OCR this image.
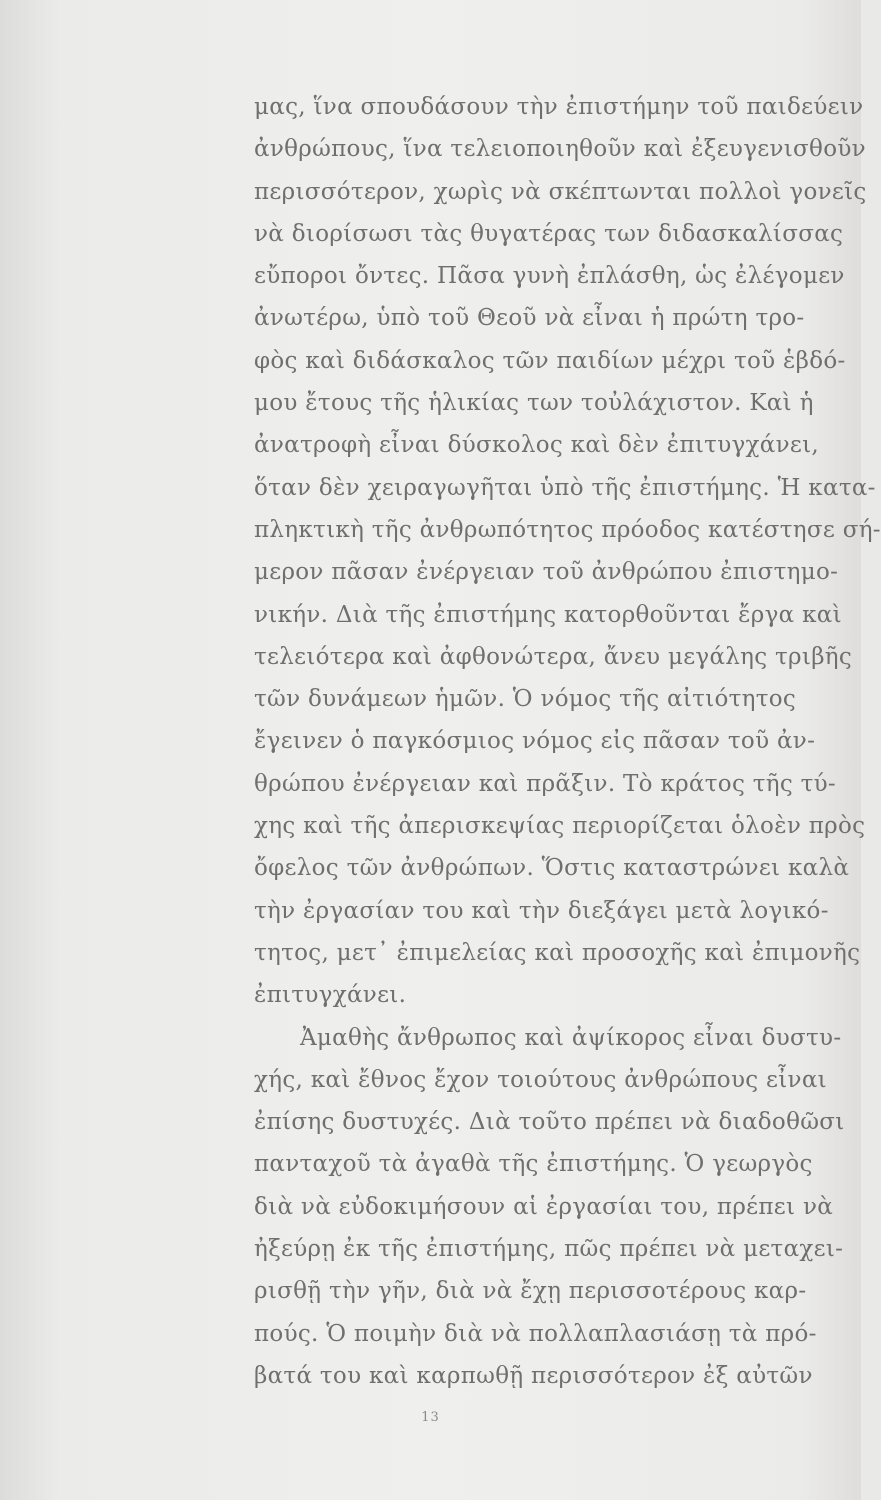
μας, ἵνα σπουδάσουν τὴν ἐπιστήμην τοῦ παιδεύειν
ἀνθρώπους, ἵνα τελειοποιηθοῦν καὶ ἐξευγενισθοῦν
περισσότερον, χωρὶς νὰ σκέπτωνται πολλοὶ γονεῖς
νὰ διορίσωσι τὰς θυγατέρας των διδασκαλίσσας
εὔποροι ὄντες. Πᾶσα γυνὴ ἐπλάσθη, ὡς ἐλέγομεν
ἀνωτέρω, ὑπὸ τοῦ Θεοῦ νὰ εἶναι ἡ πρώτη τρο-
φὸς καὶ διδάσκαλος τῶν παιδίων μέχρι τοῦ ἑβδό-
μου ἔτους τῆς ἡλικίας των τοὐλάχιστον. Καὶ ἡ
ἀνατροφὴ εἶναι δύσκολος καὶ δὲν ἐπιτυγχάνει,
ὅταν δὲν χειραγωγῆται ὑπὸ τῆς ἐπιστήμης. Ἡ κατα-
πληκτικὴ τῆς ἀνθρωπότητος πρόοδος κατέστησε σή-
μερον πᾶσαν ἐνέργειαν τοῦ ἀνθρώπου ἐπιστημο-
νικήν. Διὰ τῆς ἐπιστήμης κατορθοῦνται ἔργα καὶ
τελειότερα καὶ ἀφθονώτερα, ἄνευ μεγάλης τριβῆς
τῶν δυνάμεων ἡμῶν. Ὁ νόμος τῆς αἰτιότητος
ἔγεινεν ὁ παγκόσμιος νόμος εἰς πᾶσαν τοῦ ἀν-
θρώπου ἐνέργειαν καὶ πρᾶξιν. Τὸ κράτος τῆς τύ-
χης καὶ τῆς ἀπερισκεψίας περιορίζεται ὁλοὲν πρὸς
ὄφελος τῶν ἀνθρώπων. Ὅστις καταστρώνει καλὰ
τὴν ἐργασίαν του καὶ τὴν διεξάγει μετὰ λογικό-
τητος, μετ᾽ ἐπιμελείας καὶ προσοχῆς καὶ ἐπιμονῆς
ἐπιτυγχάνει.
Ἀμαθὴς ἄνθρωπος καὶ ἀψίκορος εἶναι δυστυ-
χής, καὶ ἔθνος ἔχον τοιούτους ἀνθρώπους εἶναι
ἐπίσης δυστυχές. Διὰ τοῦτο πρέπει νὰ διαδοθῶσι
πανταχοῦ τὰ ἀγαθὰ τῆς ἐπιστήμης. Ὁ γεωργὸς
διὰ νὰ εὐδοκιμήσουν αἱ ἐργασίαι του, πρέπει νὰ
ἠξεύρῃ ἐκ τῆς ἐπιστήμης, πῶς πρέπει νὰ μεταχει-
ρισθῇ τὴν γῆν, διὰ νὰ ἔχῃ περισσοτέρους καρ-
πούς. Ὁ ποιμὴν διὰ νὰ πολλαπλασιάσῃ τὰ πρό-
βατά του καὶ καρπωθῇ περισσότερον ἐξ αὐτῶν
13
